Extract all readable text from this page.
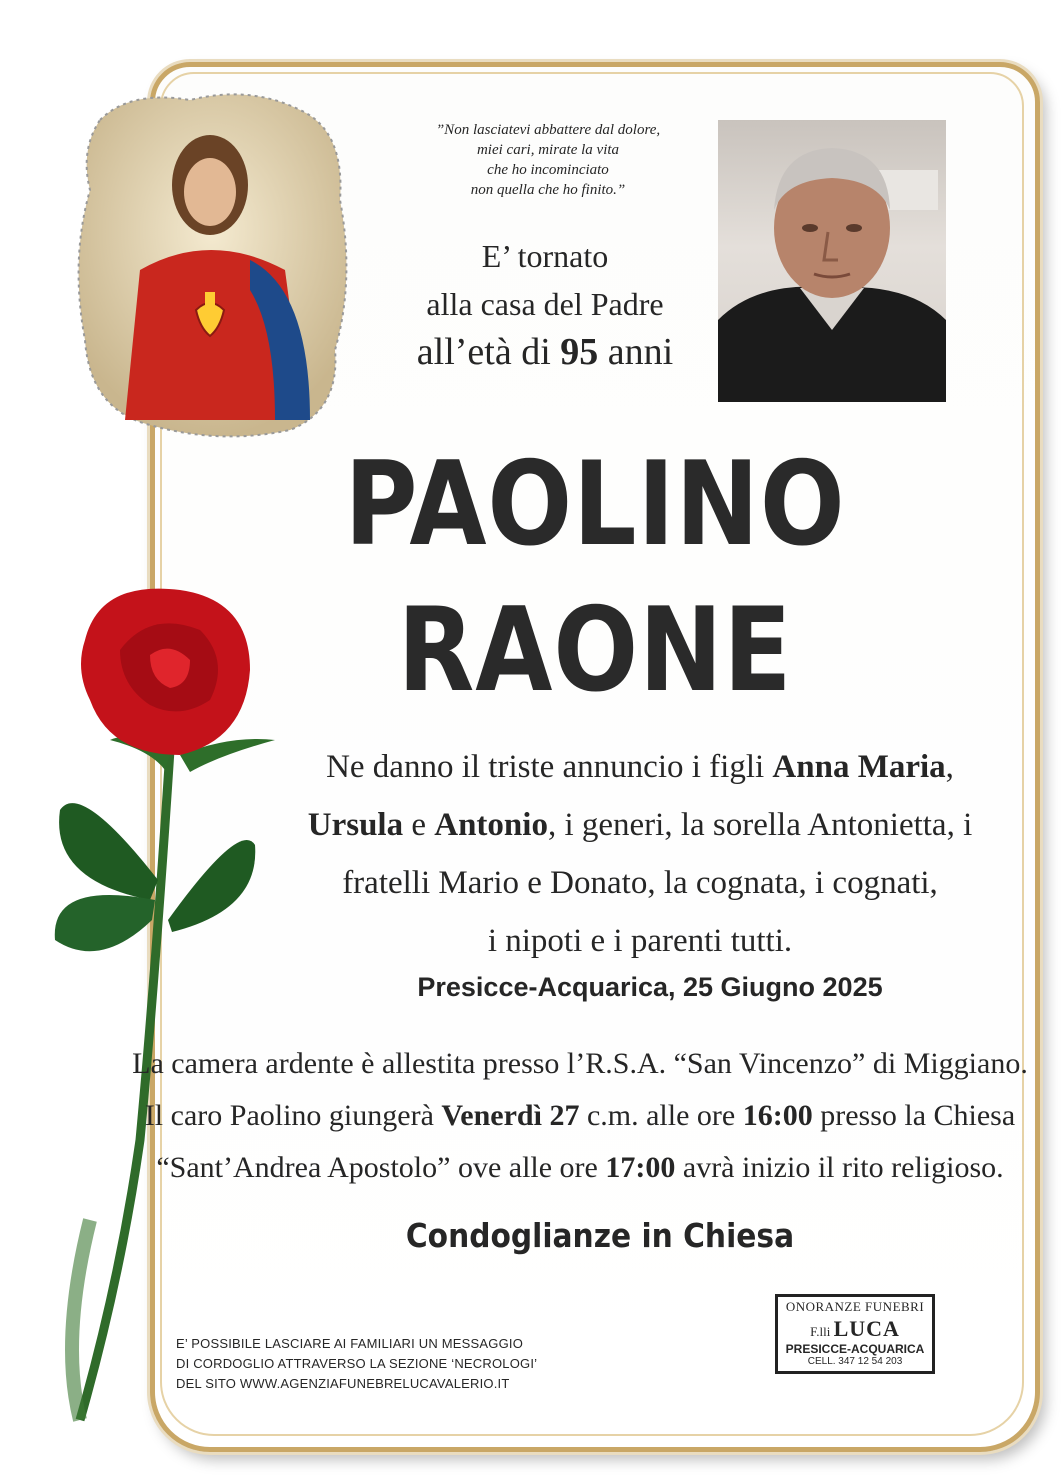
”Non lasciatevi abbattere dal dolore,
miei cari, mirate la vita
che ho incominciato
non quella che ho finito.”
E’ tornato
alla casa del Padre
all’età di 95 anni
PAOLINO
RAONE
Ne danno il triste annuncio i figli Anna Maria,
Ursula e Antonio, i generi, la sorella Antonietta, i
fratelli Mario e Donato, la cognata, i cognati,
i nipoti e i parenti tutti.
Presicce-Acquarica, 25 Giugno 2025
La camera ardente è allestita presso l’R.S.A. “San Vincenzo” di Miggiano.
Il caro Paolino giungerà Venerdì 27 c.m. alle ore 16:00 presso la Chiesa
“Sant’Andrea Apostolo” ove alle ore 17:00 avrà inizio il rito religioso.
Condoglianze in Chiesa
E’ POSSIBILE LASCIARE AI FAMILIARI UN MESSAGGIO
DI CORDOGLIO ATTRAVERSO LA SEZIONE ‘NECROLOGI’
DEL SITO WWW.AGENZIAFUNEBRELUCAVALERIO.IT
ONORANZE FUNEBRI
F.lli LUCA
PRESICCE-ACQUARICA
CELL. 347 12 54 203
